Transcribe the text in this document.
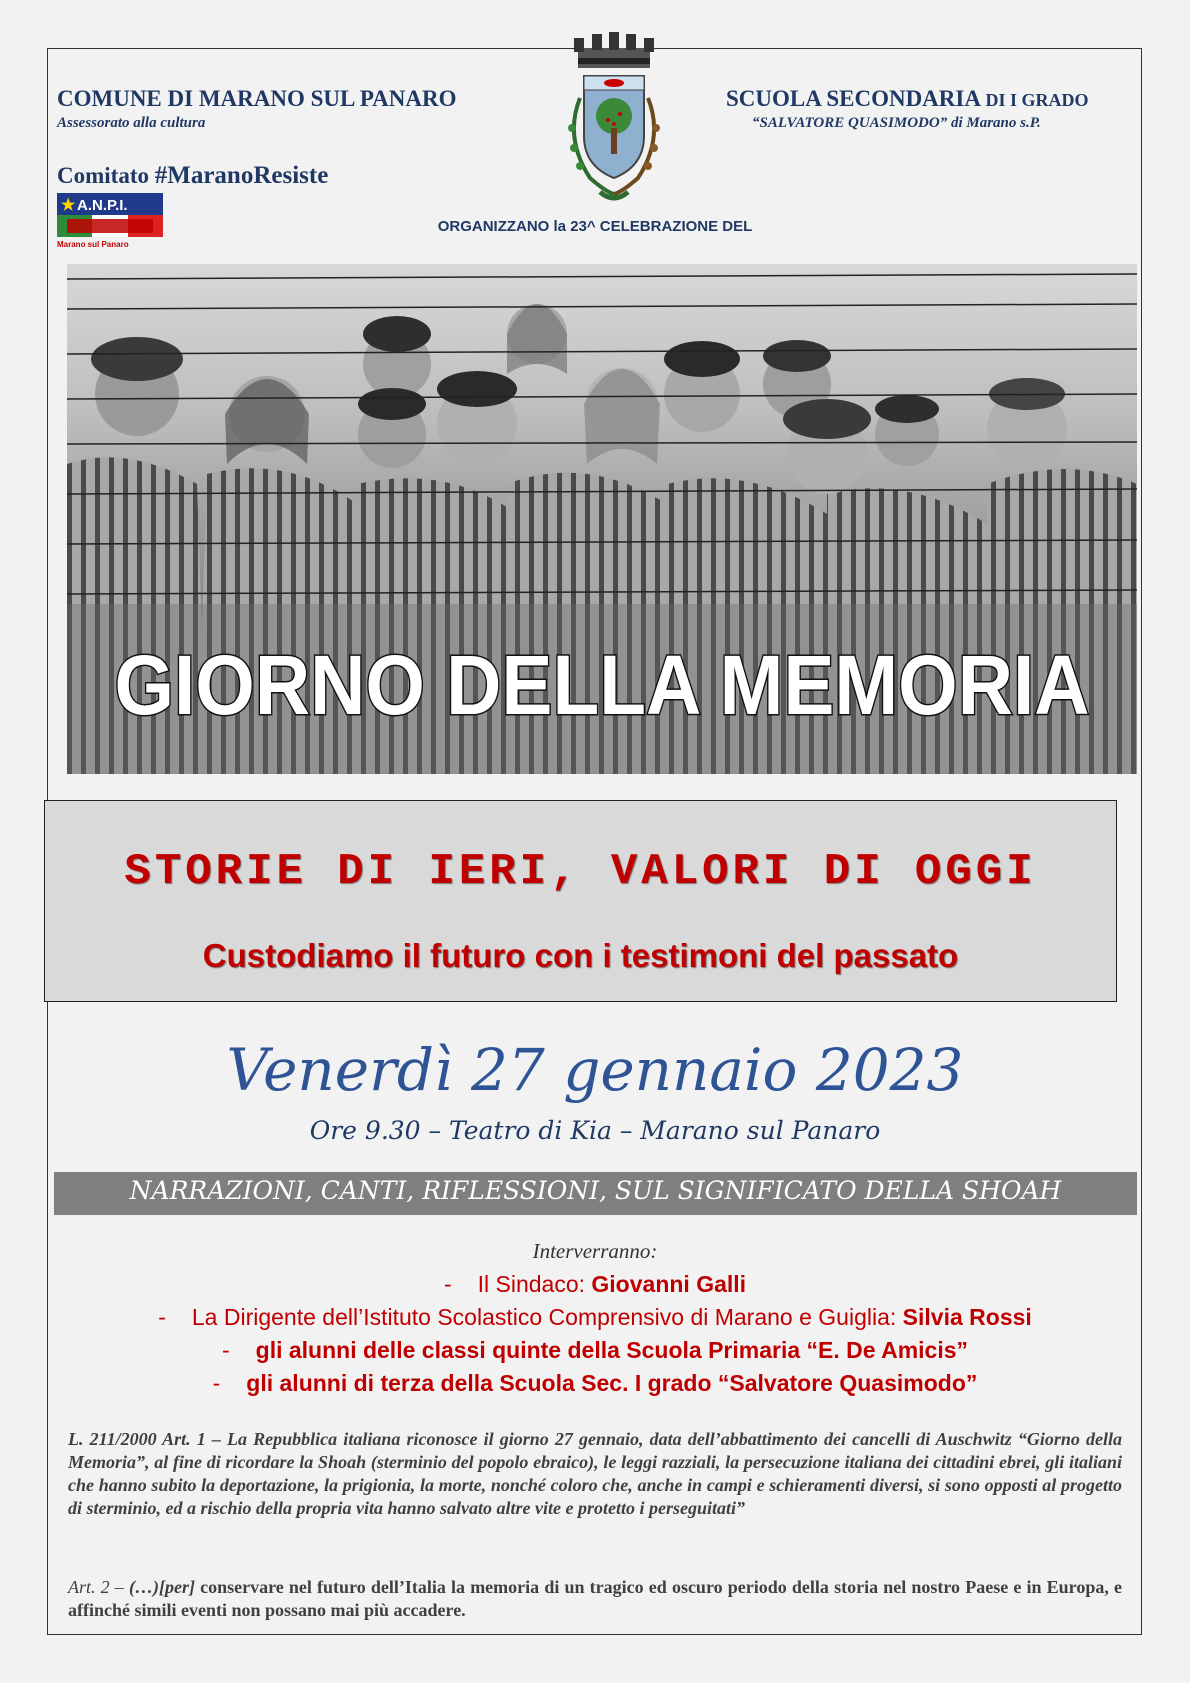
COMUNE DI MARANO SUL PANARO
Assessorato alla cultura
Comitato #MaranoResiste
★ A.N.P.I.
Marano sul Panaro
SCUOLA SECONDARIA DI I GRADO
“SALVATORE QUASIMODO” di Marano s.P.
ORGANIZZANO la 23^ CELEBRAZIONE DEL
GIORNO DELLA MEMORIA
STORIE DI IERI, VALORI DI OGGI
Custodiamo il futuro con i testimoni del passato
Venerdì 27 gennaio 2023
Ore 9.30 – Teatro di Kia – Marano sul Panaro
NARRAZIONI, CANTI, RIFLESSIONI, SUL SIGNIFICATO DELLA SHOAH
Interverranno:
- Il Sindaco: Giovanni Galli
- La Dirigente dell’Istituto Scolastico Comprensivo di Marano e Guiglia: Silvia Rossi
- gli alunni delle classi quinte della Scuola Primaria “E. De Amicis”
- gli alunni di terza della Scuola Sec. I grado “Salvatore Quasimodo”
L. 211/2000 Art. 1 – La Repubblica italiana riconosce il giorno 27 gennaio, data dell’abbattimento dei cancelli di Auschwitz “Giorno della Memoria”, al fine di ricordare la Shoah (sterminio del popolo ebraico), le leggi razziali, la persecuzione italiana dei cittadini ebrei, gli italiani che hanno subito la deportazione, la prigionia, la morte, nonché coloro che, anche in campi e schieramenti diversi, si sono opposti al progetto di sterminio, ed a rischio della propria vita hanno salvato altre vite e protetto i perseguitati”
Art. 2 – (…)[per] conservare nel futuro dell’Italia la memoria di un tragico ed oscuro periodo della storia nel nostro Paese e in Europa, e affinché simili eventi non possano mai più accadere.
